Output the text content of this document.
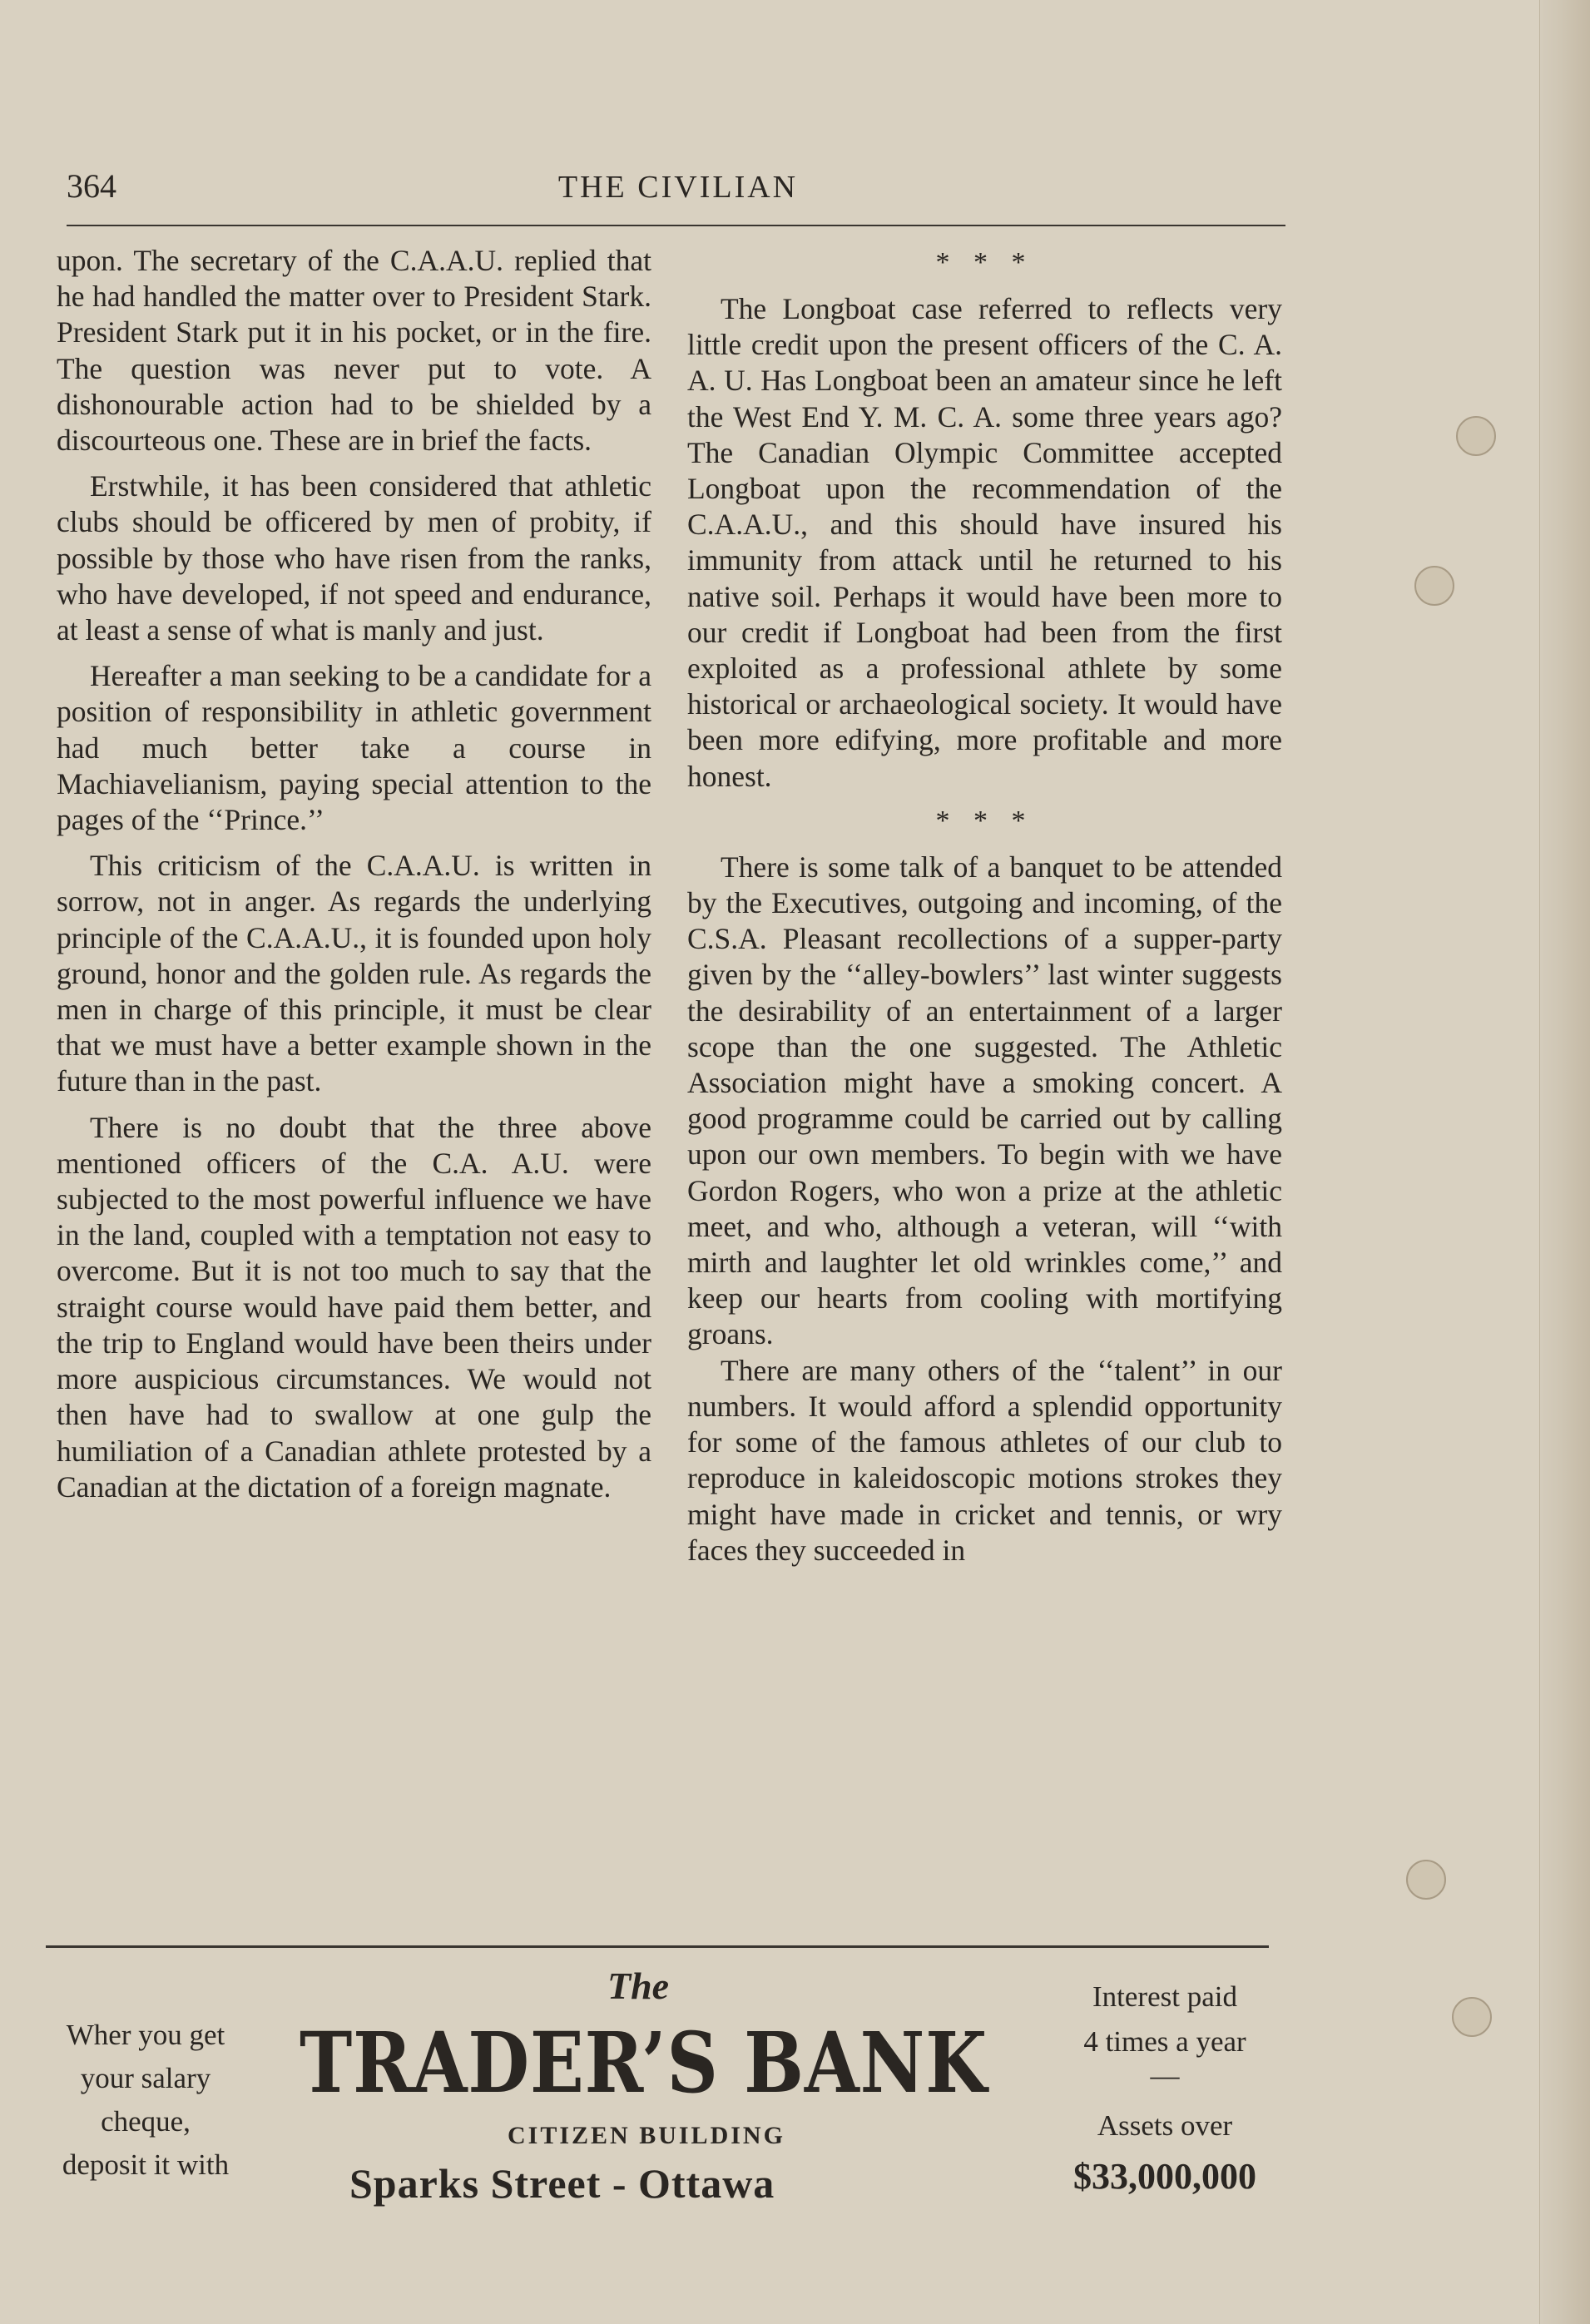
364	THE CIVILIAN

upon. The secretary of the C.A.A.U. replied that he had handled the matter over to President Stark. President Stark put it in his pocket, or in the fire. The question was never put to vote. A dishonourable action had to be shielded by a discourteous one. These are in brief the facts.

Erstwhile, it has been considered that athletic clubs should be officered by men of probity, if possible by those who have risen from the ranks, who have developed, if not speed and endurance, at least a sense of what is manly and just.

Hereafter a man seeking to be a candidate for a position of responsibility in athletic government had much better take a course in Machiavelianism, paying special attention to the pages of the ‘‘Prince.’’

This criticism of the C.A.A.U. is written in sorrow, not in anger. As regards the underlying principle of the C.A.A.U., it is founded upon holy ground, honor and the golden rule. As regards the men in charge of this principle, it must be clear that we must have a better example shown in the future than in the past.

There is no doubt that the three above mentioned officers of the C.A. A.U. were subjected to the most powerful influence we have in the land, coupled with a temptation not easy to overcome. But it is not too much to say that the straight course would have paid them better, and the trip to England would have been theirs under more auspicious circumstances. We would not then have had to swallow at one gulp the humiliation of a Canadian athlete protested by a Canadian at the dictation of a foreign magnate.

* * *

The Longboat case referred to reflects very little credit upon the present officers of the C. A. A. U. Has Longboat been an amateur since he left the West End Y. M. C. A. some three years ago? The Canadian Olympic Committee accepted Longboat upon the recommendation of the C.A.A.U., and this should have insured his immunity from attack until he returned to his native soil. Perhaps it would have been more to our credit if Longboat had been from the first exploited as a professional athlete by some historical or archaeological society. It would have been more edifying, more profitable and more honest.

* * *

There is some talk of a banquet to be attended by the Executives, outgoing and incoming, of the C.S.A. Pleasant recollections of a supper-party given by the ‘‘alley-bowlers’’ last winter suggests the desirability of an entertainment of a larger scope than the one suggested. The Athletic Association might have a smoking concert. A good programme could be carried out by calling upon our own members. To begin with we have Gordon Rogers, who won a prize at the athletic meet, and who, although a veteran, will ‘‘with mirth and laughter let old wrinkles come,’’ and keep our hearts from cooling with mortifying groans.

There are many others of the ‘‘talent’’ in our numbers. It would afford a splendid opportunity for some of the famous athletes of our club to reproduce in kaleidoscopic motions strokes they might have made in cricket and tennis, or wry faces they succeeded in

Wher you get
your salary
cheque,
deposit it with
The
TRADER’S BANK
CITIZEN BUILDING
Sparks Street - Ottawa
Interest paid
4 times a year
—
Assets over
$33,000,000
